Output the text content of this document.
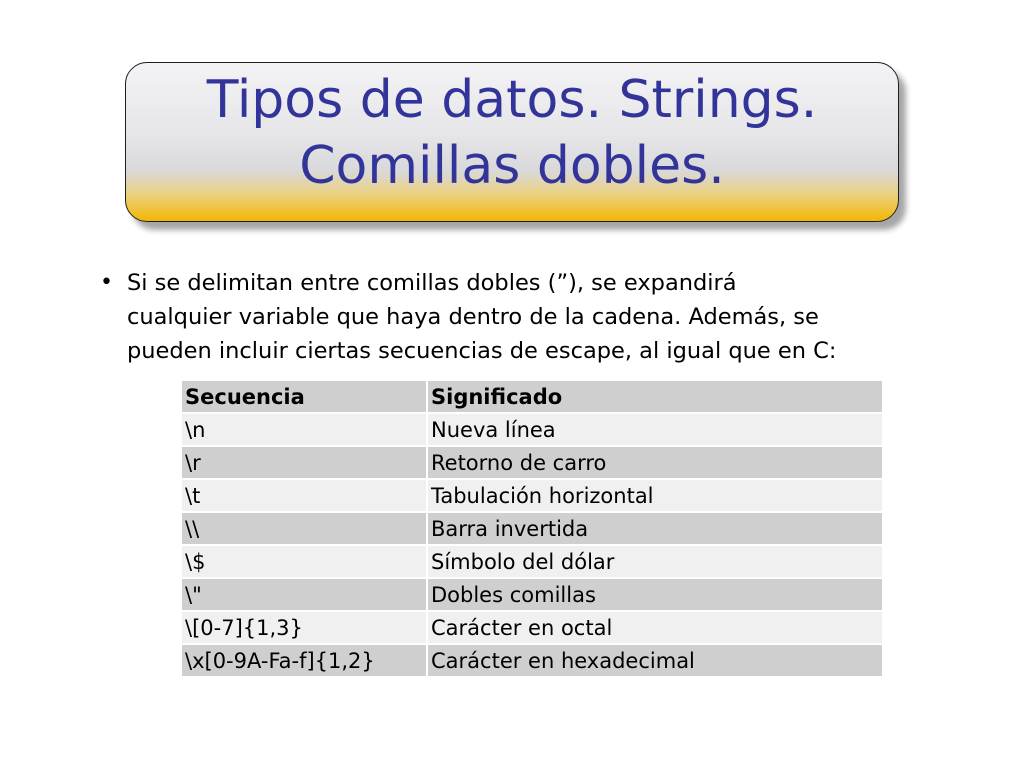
Tipos de datos. Strings.
Comillas dobles.
• Si se delimitan entre comillas dobles (”), se expandirá
cualquier variable que haya dentro de la cadena. Además, se
pueden incluir ciertas secuencias de escape, al igual que en C:
Secuencia	Significado
\n	Nueva línea
\r	Retorno de carro
\t	Tabulación horizontal
\\	Barra invertida
\$	Símbolo del dólar
\"	Dobles comillas
\[0-7]{1,3}	Carácter en octal
\x[0-9A-Fa-f]{1,2}	Carácter en hexadecimal
